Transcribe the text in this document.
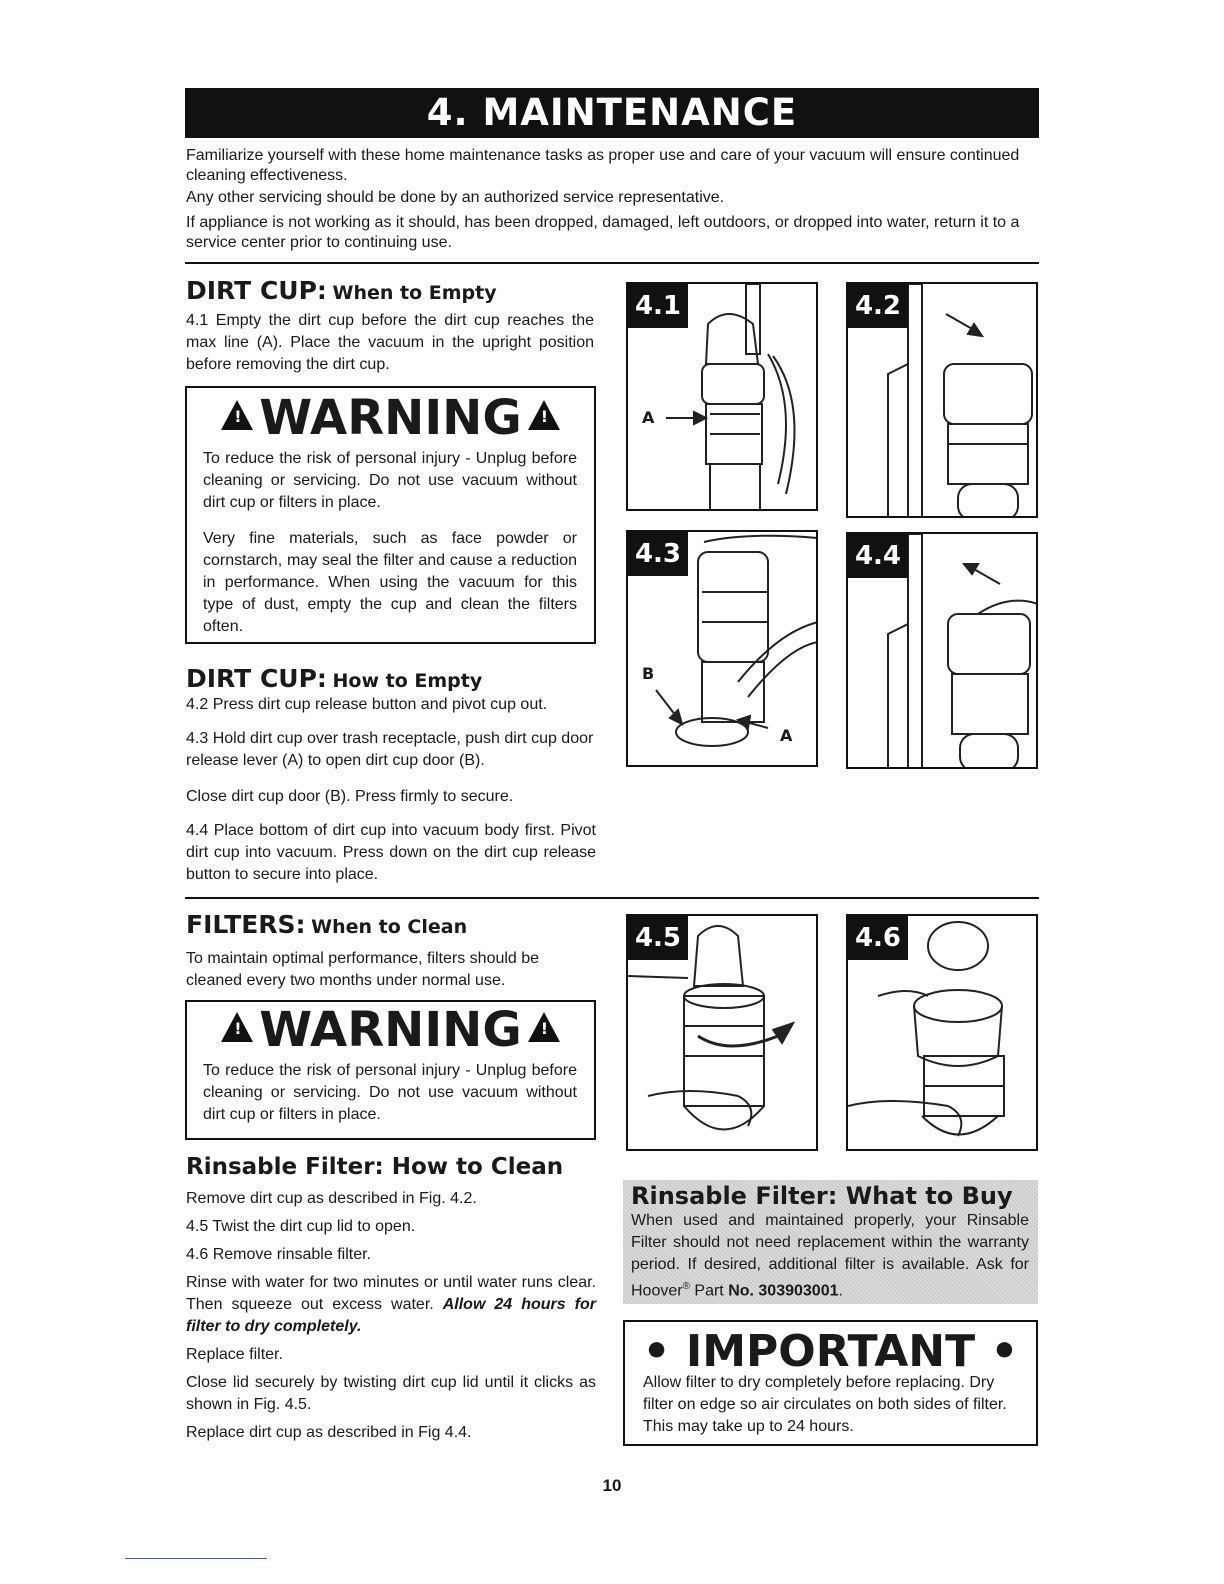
4. MAINTENANCE

Familiarize yourself with these home maintenance tasks as proper use and care of your vacuum will ensure continued cleaning effectiveness.

Any other servicing should be done by an authorized service representative.

If appliance is not working as it should, has been dropped, damaged, left outdoors, or dropped into water, return it to a service center prior to continuing use.

DIRT CUP: When to Empty

4.1 Empty the dirt cup before the dirt cup reaches the max line (A). Place the vacuum in the upright position before removing the dirt cup.

!WARNING!

To reduce the risk of personal injury - Unplug before cleaning or servicing. Do not use vacuum without dirt cup or filters in place.

Very fine materials, such as face powder or cornstarch, may seal the filter and cause a reduction in performance. When using the vacuum for this type of dust, empty the cup and clean the filters often.

DIRT CUP: How to Empty

4.2 Press dirt cup release button and pivot cup out.

4.3 Hold dirt cup over trash receptacle, push dirt cup door release lever (A) to open dirt cup door (B).

Close dirt cup door (B). Press firmly to secure.

4.4 Place bottom of dirt cup into vacuum body first. Pivot dirt cup into vacuum. Press down on the dirt cup release button to secure into place.

4.1
A
4.2
4.3
B
A
4.4
FILTERS: When to Clean

To maintain optimal performance, filters should be cleaned every two months under normal use.

!WARNING!

To reduce the risk of personal injury - Unplug before cleaning or servicing. Do not use vacuum without dirt cup or filters in place.

Rinsable Filter: How to Clean

Remove dirt cup as described in Fig. 4.2.

4.5 Twist the dirt cup lid to open.

4.6 Remove rinsable filter.

Rinse with water for two minutes or until water runs clear. Then squeeze out excess water. Allow 24 hours for filter to dry completely.

Replace filter.

Close lid securely by twisting dirt cup lid until it clicks as shown in Fig. 4.5.

Replace dirt cup as described in Fig 4.4.

4.5	4.6
Rinsable Filter: What to Buy

When used and maintained properly, your Rinsable Filter should not need replacement within the warranty period. If desired, additional filter is available. Ask for Hoover® Part No. 303903001.

• IMPORTANT •

Allow filter to dry completely before replacing. Dry filter on edge so air circulates on both sides of filter. This may take up to 24 hours.

10
